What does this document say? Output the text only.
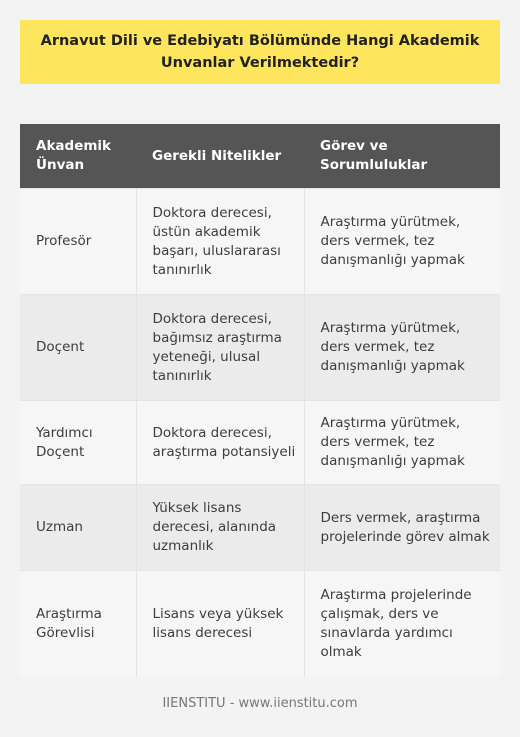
Arnavut Dili ve Edebiyatı Bölümünde Hangi Akademik Unvanlar Verilmektedir?
Akademik Ünvan	Gerekli Nitelikler	Görev ve Sorumluluklar
Profesör	Doktora derecesi, üstün akademik başarı, uluslararası tanınırlık	Araştırma yürütmek, ders vermek, tez danışmanlığı yapmak
Doçent	Doktora derecesi, bağımsız araştırma yeteneği, ulusal tanınırlık	Araştırma yürütmek, ders vermek, tez danışmanlığı yapmak
Yardımcı Doçent	Doktora derecesi, araştırma potansiyeli	Araştırma yürütmek, ders vermek, tez danışmanlığı yapmak
Uzman	Yüksek lisans derecesi, alanında uzmanlık	Ders vermek, araştırma projelerinde görev almak
Araştırma Görevlisi	Lisans veya yüksek lisans derecesi	Araştırma projelerinde çalışmak, ders ve sınavlarda yardımcı olmak
IIENSTITU - www.iienstitu.com
